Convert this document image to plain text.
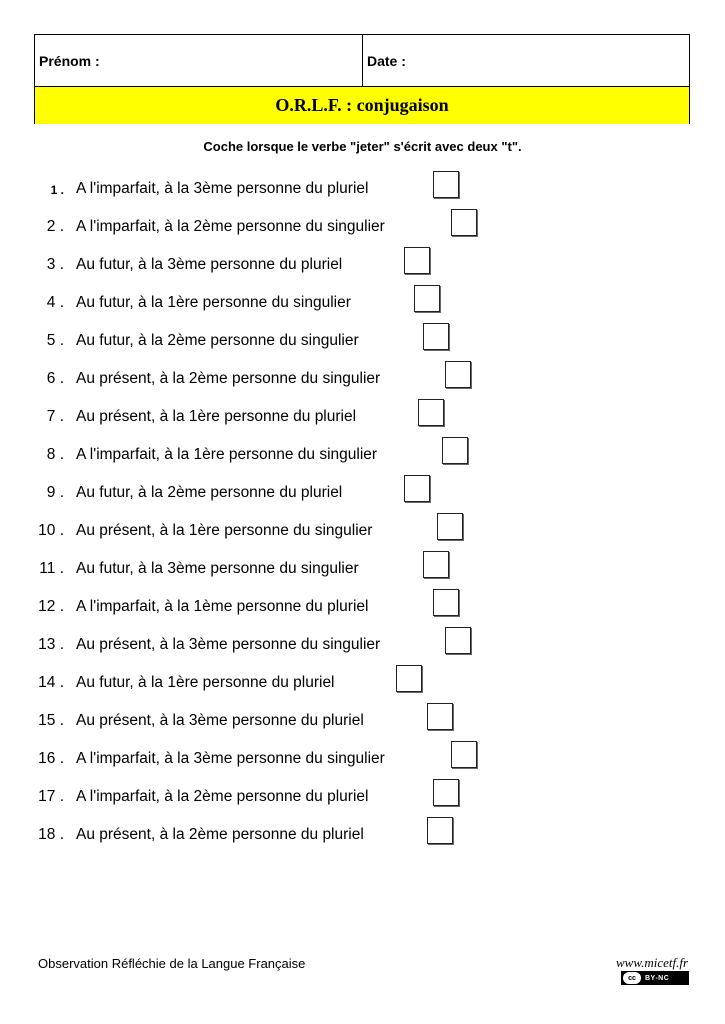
Prénom :	Date :
O.R.L.F. : conjugaison
Coche lorsque le verbe "jeter" s'écrit avec deux "t".
1 . A l'imparfait, à la 3ème personne du pluriel
2 . A l'imparfait, à la 2ème personne du singulier
3 . Au futur, à la 3ème personne du pluriel
4 . Au futur, à la 1ère personne du singulier
5 . Au futur, à la 2ème personne du singulier
6 . Au présent, à la 2ème personne du singulier
7 . Au présent, à la 1ère personne du pluriel
8 . A l'imparfait, à la 1ère personne du singulier
9 . Au futur, à la 2ème personne du pluriel
10 . Au présent, à la 1ère personne du singulier
11 . Au futur, à la 3ème personne du singulier
12 . A l'imparfait, à la 1ème personne du pluriel
13 . Au présent, à la 3ème personne du singulier
14 . Au futur, à la 1ère personne du pluriel
15 . Au présent, à la 3ème personne du pluriel
16 . A l'imparfait, à la 3ème personne du singulier
17 . A l'imparfait, à la 2ème personne du pluriel
18 . Au présent, à la 2ème personne du pluriel
Observation Réfléchie de la Langue Française	www.micetf.fr
cc	BY-NC
